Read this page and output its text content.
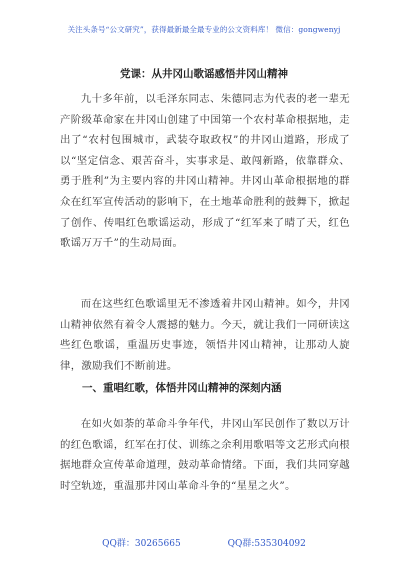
关注头条号“公文研究”，获得最新最全最专业的公文资料库！ 微信：gongwenyj
党课：从井冈山歌谣感悟井冈山精神

九十多年前，以毛泽东同志、朱德同志为代表的老一辈无产阶级革命家在井冈山创建了中国第一个农村革命根据地，走出了“农村包围城市，武装夺取政权”的井冈山道路，形成了以“坚定信念、艰苦奋斗，实事求是、敢闯新路，依靠群众、勇于胜利”为主要内容的井冈山精神。井冈山革命根据地的群众在红军宣传活动的影响下，在土地革命胜利的鼓舞下，掀起了创作、传唱红色歌谣运动，形成了“红军来了晴了天，红色歌谣万万千”的生动局面。

而在这些红色歌谣里无不渗透着井冈山精神。如今，井冈山精神依然有着令人震撼的魅力。今天，就让我们一同研读这些红色歌谣，重温历史事迹，领悟井冈山精神，让那动人旋律，激励我们不断前进。

一、重唱红歌，体悟井冈山精神的深刻内涵

在如火如荼的革命斗争年代，井冈山军民创作了数以万计的红色歌谣，红军在打仗、训练之余利用歌唱等文艺形式向根据地群众宣传革命道理，鼓动革命情绪。下面，我们共同穿越时空轨迹，重温那井冈山革命斗争的“星星之火”。

QQ群：30265665	QQ群:535304092
